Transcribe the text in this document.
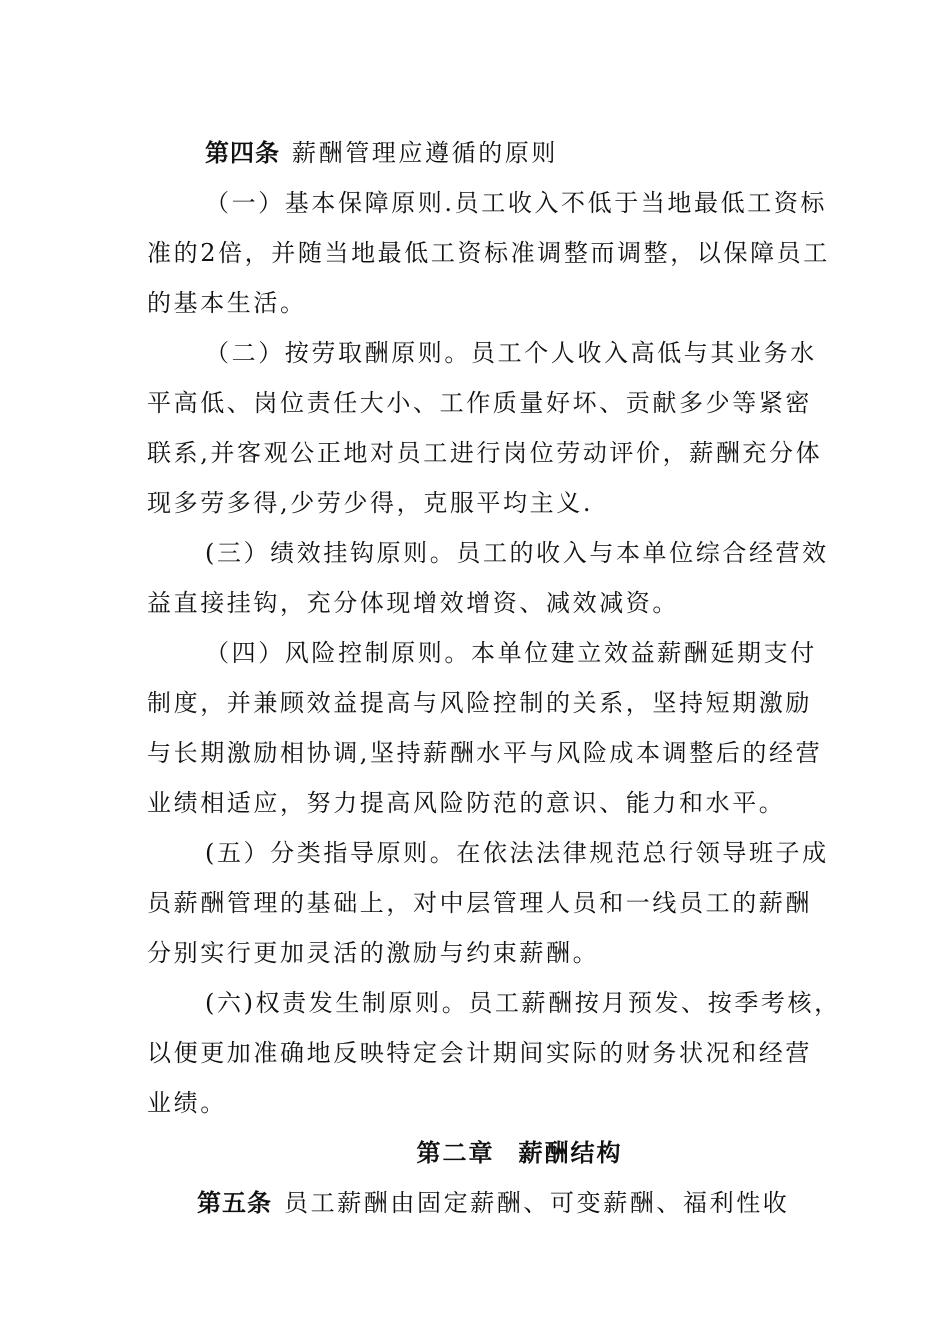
第四条 薪酬管理应遵循的原则
（一）基本保障原则.员工收入不低于当地最低工资标
准的2倍，并随当地最低工资标准调整而调整，以保障员工
的基本生活。
（二）按劳取酬原则。员工个人收入高低与其业务水
平高低、岗位责任大小、工作质量好坏、贡献多少等紧密
联系,并客观公正地对员工进行岗位劳动评价，薪酬充分体
现多劳多得,少劳少得，克服平均主义.
(三）绩效挂钩原则。员工的收入与本单位综合经营效
益直接挂钩，充分体现增效增资、减效减资。
（四）风险控制原则。本单位建立效益薪酬延期支付
制度，并兼顾效益提高与风险控制的关系，坚持短期激励
与长期激励相协调,坚持薪酬水平与风险成本调整后的经营
业绩相适应，努力提高风险防范的意识、能力和水平。
(五）分类指导原则。在依法法律规范总行领导班子成
员薪酬管理的基础上，对中层管理人员和一线员工的薪酬
分别实行更加灵活的激励与约束薪酬。
(六)权责发生制原则。员工薪酬按月预发、按季考核，
以便更加准确地反映特定会计期间实际的财务状况和经营
业绩。
第二章 薪酬结构
第五条 员工薪酬由固定薪酬、可变薪酬、福利性收
